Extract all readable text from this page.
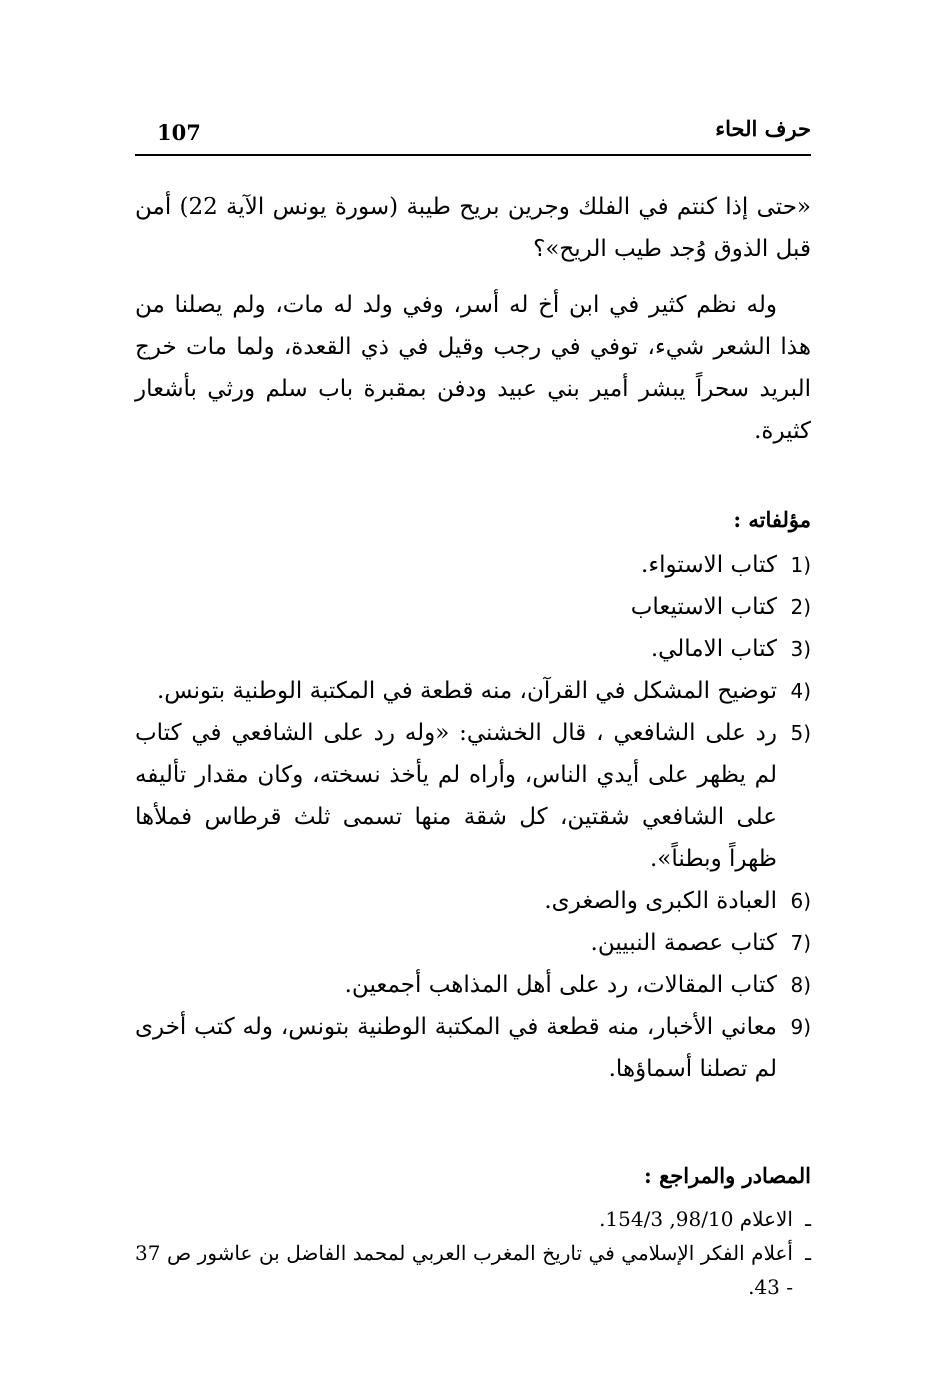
107	حرف الحاء

«حتى إذا كنتم في الفلك وجرين بريح طيبة (سورة يونس الآية 22) أمن قبل الذوق وُجد طيب الريح»؟

وله نظم كثير في ابن أخ له أسر، وفي ولد له مات، ولم يصلنا من هذا الشعر شيء، توفي في رجب وقيل في ذي القعدة، ولما مات خرج البريد سحراً يبشر أمير بني عبيد ودفن بمقبرة باب سلم ورثي بأشعار كثيرة.

مؤلفاته :
1)
كتاب الاستواء.
2)
كتاب الاستيعاب
3)
كتاب الامالي.
4)
توضيح المشكل في القرآن، منه قطعة في المكتبة الوطنية بتونس.
5)
رد على الشافعي ، قال الخشني: «وله رد على الشافعي في كتاب لم يظهر على أيدي الناس، وأراه لم يأخذ نسخته، وكان مقدار تأليفه على الشافعي شقتين، كل شقة منها تسمى ثلث قرطاس فملأها ظهراً وبطناً».
6)
العبادة الكبرى والصغرى.
7)
كتاب عصمة النبيين.
8)
كتاب المقالات، رد على أهل المذاهب أجمعين.
9)
معاني الأخبار، منه قطعة في المكتبة الوطنية بتونس، وله كتب أخرى لم تصلنا أسماؤها.
المصادر والمراجع :
ـ
الاعلام 98/10, 154/3.
ـ
أعلام الفكر الإسلامي في تاريخ المغرب العربي لمحمد الفاضل بن عاشور ص 37 - 43.
